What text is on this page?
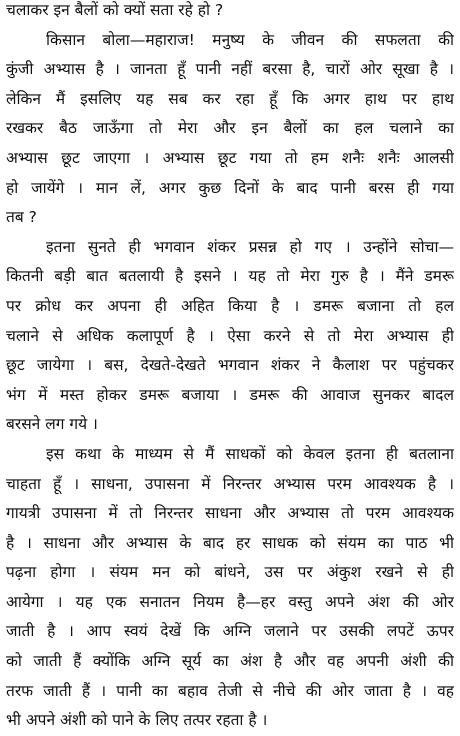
चलाकर इन बैलों को क्यों सता रहे हो ?
किसान बोला—महाराज! मनुष्य के जीवन की सफलता की
कुंजी अभ्यास है । जानता हूँ पानी नहीं बरसा है, चारों ओर सूखा है ।
लेकिन मैं इसलिए यह सब कर रहा हूँ कि अगर हाथ पर हाथ
रखकर बैठ जाऊँगा तो मेरा और इन बैलों का हल चलाने का
अभ्यास छूट जाएगा । अभ्यास छूट गया तो हम शनैः शनैः आलसी
हो जायेंगे । मान लें, अगर कुछ दिनों के बाद पानी बरस ही गया
तब ?
इतना सुनते ही भगवान शंकर प्रसन्न हो गए । उन्होंने सोचा—
कितनी बड़ी बात बतलायी है इसने । यह तो मेरा गुरु है । मैंने डमरू
पर क्रोध कर अपना ही अहित किया है । डमरू बजाना तो हल
चलाने से अधिक कलापूर्ण है । ऐसा करने से तो मेरा अभ्यास ही
छूट जायेगा । बस, देखते-देखते भगवान शंकर ने कैलाश पर पहुंचकर
भंग में मस्त होकर डमरू बजाया । डमरू की आवाज सुनकर बादल
बरसने लग गये ।
इस कथा के माध्यम से मैं साधकों को केवल इतना ही बतलाना
चाहता हूँ । साधना, उपासना में निरन्तर अभ्यास परम आवश्यक है ।
गायत्री उपासना में तो निरन्तर साधना और अभ्यास तो परम आवश्यक
है । साधना और अभ्यास के बाद हर साधक को संयम का पाठ भी
पढ़ना होगा । संयम मन को बांधने, उस पर अंकुश रखने से ही
आयेगा । यह एक सनातन नियम है—हर वस्तु अपने अंश की ओर
जाती है । आप स्वयं देखें कि अग्नि जलाने पर उसकी लपटें ऊपर
को जाती हैं क्योंकि अग्नि सूर्य का अंश है और वह अपनी अंशी की
तरफ जाती हैं । पानी का बहाव तेजी से नीचे की ओर जाता है । वह
भी अपने अंशी को पाने के लिए तत्पर रहता है ।
